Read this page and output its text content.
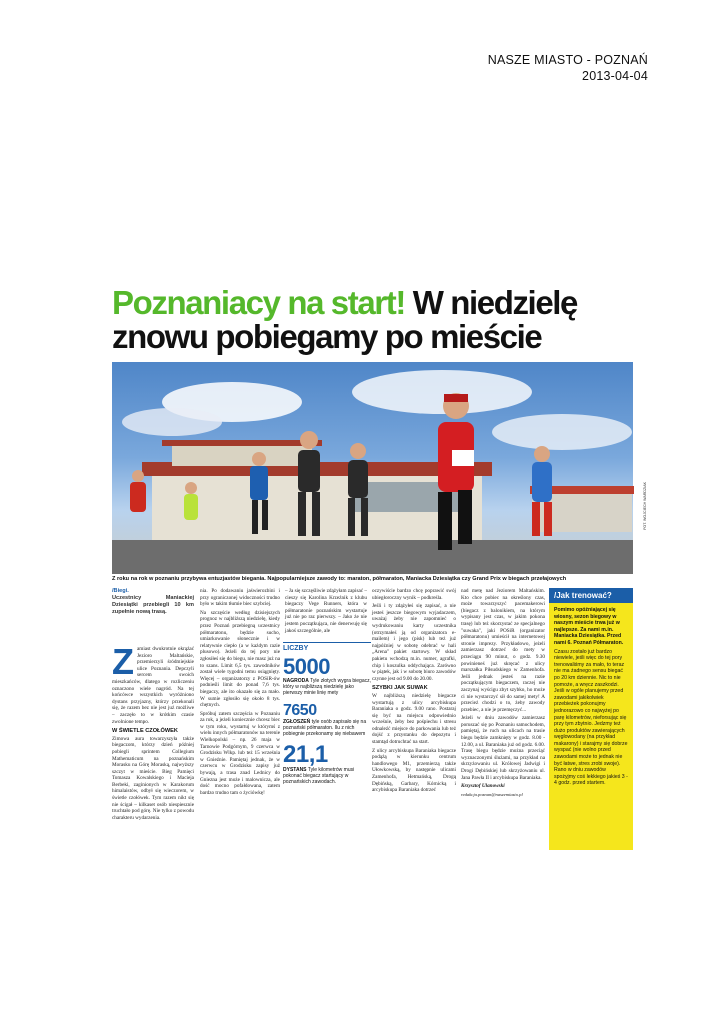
NASZE MIASTO - POZNAŃ
2013-04-04
Poznaniacy na start! W niedzielę znowu pobiegamy po mieście
FOT. WOJCIECH WARDZIAK
Z roku na rok w poznaniu przybywa entuzjastów biegania. Najpopularniejsze zawody to: maraton, półmaraton, Maniacka Dziesiątka czy Grand Prix w biegach przełajowych
/Biegi.
Uczestnicy Maniackiej Dziesiątki przebiegli 10 km zupełnie nową trasą.

Zamiast dwukrotnie okrążać Jezioro Maltańskie, przemierzyli śródmiejskie ulice Poznania. Depczyli sercem swoich mieszkańców, dlatego w rozliczeniu oznaczono wiele nagród. Na tej końcówce wszystkich wyróżniono dystans przyjazny, którzy przekonali się, że razem bez nie jest już możliwe – zaczęło to w krótkim czasie zwolnione tempo.

W ŚWIETLE CZOŁÓWEK

Zimowa aura towarzyszyła także biegaczom, którzy dzień później pobiegli sprintem Collegium Mathematicum na poznańskim Morasku na Górę Moraską, najwyższy szczyt w mieście. Bieg Pamięci Tomasza Kowalskiego i Macieja Berbeki, zaginionych w Karakorum himalaistów, odbył się wieczorem, w świetle czołówek. Tym razem nikt się nie ścigał – kilkaset osób niespiesznie truchtało pod górę. Nie tylko z powodu charakteru wydarzenia.

nia. Po dodawaniu jaświerozbini i przy ograniczonej widoczności trudno było w takim tłumie biec szybciej.

Na szczęście według dzisiejszych prognoz w najbliższą niedzielę, kiedy przez Poznań przebiegną uczestnicy półmaratonu, będzie sucho, umiarkowanie słonecznie i w relatywnie ciepło (a w każdym razie plusowo). Jeżeli do tej pory nie zgłosiłeś się do biegu, nie masz już na to szans. Limit 6,5 tys. zawodników został wiele tygodni temu osiągnięty. Więcej – organizatorzy z POSiR-ów podnieśli limit do ponad 7,6 tys. biegaczy, ale ito okazało się za mało. W sumie zgłosiło się około 8 tys. chętnych.

Spróbuj zatem szczęścia w Poznaniu za rok, a jeżeli koniecznie chcesz biec w tym roku, wystartuj w którymś z wielu innych półmaratonów na terenie Wielkopolski – np. 26 maja w Tarnowie Podgórnym, 9 czerwca w Grodzisku Wlkp. lub też 15 września w Gnieźnie. Pamiętaj jednak, że w czerwcu w Grodzisku zapisy już bywają, a trasa znad Lednicy do Gniezna jest może i malownicza, ale dość mocno pofałdowana, zatem bardzo trudno tam o życiówkę!

– Ja się szczęśliwie zdążyłam zapisać – cieszy się Karolina Krzeźnik z klubu biegaczy Vege Runners, która w półmaratonie poznańskim wystartuje już nie po raz pierwszy. – Jako że nie jestem początkująca, nie denerwuję się jakoś szczególnie, ale

LICZBY
5000
NAGRODA Tyle złotych wygra biegacz, który w najbliższą niedzielę jako pierwszy minie linię mety
7650
ZGŁOSZEŃ tyle osób zapisało się na poznański półmaraton. Ilu z nich pobiegnie przekonamy się niebawem
21,1
DYSTANS Tyle kilometrów musi pokonać biegacz startujący w poznańskich zawodach.

oczywiście bardzo chcę poprawić swój ubiegłoroczny wynik – podkreśla.

Jeśli i ty zdążyłeś się zapisać, a nie jesteś jeszcze biegowym wyjadaczem, uważaj żeby nie zapomnieć o wydrukowaniu karty uczestnika (otrzymałeś ją od organizatora e-mailem) i jego (pisk) lub też już najpóźniej w sobotę odebrać w hali „Arena" pakiet startowy. W skład pakietu wchodzą m.in. numer, agrafki, chip i koszulka oddychająca. Zarówno w piątek, jak i w sobotę biuro zawodów czynne jest od 9.00 do 20.00.

SZYBKI JAK SUWAK

W najbliższą niedzielę biegacze wystartują z ulicy arcybiskupa Baraniaka o godz. 9.00 rano. Postaraj się być na miejscu odpowiednio wcześnie, żeby bez pośpiechu i stresu odnaleźć miejsce do parkowania lub też dojść z przystanku do depozytu i stamtąd dotruchtać na start.

Z ulicy arcybiskupa Baraniaka biegacze podążą w kierunku centrum handlowego M1, przemierzą także Ułowkowską, by następnie ulicami Zamenhofa, Hetmańską, Drogą Dębińską, Garbary, Kórnicką i arcybiskupa Baraniaka dotrzeć

nad metę nad Jeziorem Maltańskim. Kto chce pobiec na określony czas, może towarzyszyć pacemakerowi (biegacz z balonikiem, na którym wypisany jest czas, w jakim pokona trasę) lub też skorzystać ze specjalnego "suwaka", jaki POSiR (organizator półmaratonu) umieścił na internetowej stronie imprezy. Przykładowo, jeżeli zamierzasz dotrzeć do mety w przeciągu 90 minut, o godz. 9.30 powinieneś już skręcać z ulicy marszałka Piłsudskiego w Zamenhofa. Jeśli jednak jesteś na razie początkującym biegaczem, raczej nie zaczynaj wyścigu zbyt szybko, ho może ci nie wystarczyć sił do samej mety! A przecież chodzi o to, żeby zawody przebiec, a nie je przemęczyć...

Jeżeli w dniu zawodów zamierzasz poruszać się po Poznaniu samochodem, pamiętaj, że ruch na ulicach na trasie biegu będzie zamknięty w godz. 8.00 - 12.00, a ul. Baraniaka już od godz. 6.00. Trasę biegu będzie można przeciąć wyznaczonymi ślużami, na przykład na skrzyżowaniu ul. Królowej Jadwigi i Drogi Dębińskiej lub skrzyżowaniu ul. Jana Pawła II i arcybiskupa Baraniaka.

Krzysztof Ulanowski

redakcja.poznan@naszemiasto.pl

/Jak trenować?

Pomimo opóźniającej się wiosny, sezon biegowy w naszym mieście trwa już w najlepsze. Za nami m.in. Maniacka Dziesiątka. Przed nami 6. Poznań Półmaraton.

Czasu zostało już bardzo niewiele, jeśli więc do tej pory trenowaliśmy za mało, to teraz nie ma żadnego sensu biegać po 20 km dziennie. Nic to nie pomoże, a wręcz zaszkodzi. Jeśli w ogóle planujemy przed zawodami jakikolwiek przebieżek pokonujmy jednorazowo co najwyżej po parę kilometrów, nieforsując się przy tym zbytnio. Jedzmy też dużo produktów zawierających węglowodany (na przykład makarony) i starajmy się dobrze wyspać (nie wolno przed zawodami może to jednak nie być łatwe, stres zrobi swoje). Rano w dniu zawodów spożyjmy coś lekkiego jakieś 3 - 4 godz. przed startem.
